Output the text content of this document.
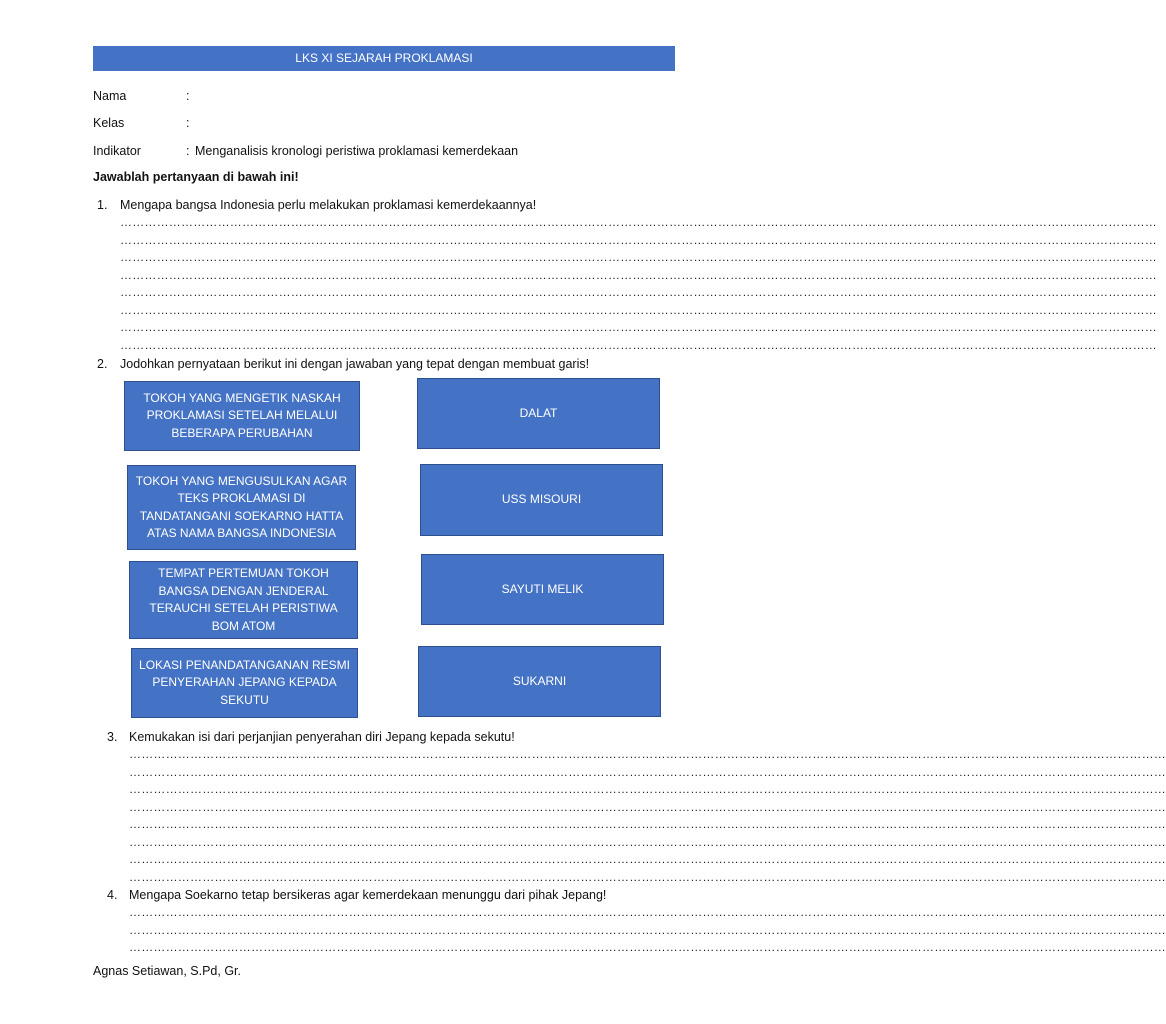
LKS XI SEJARAH PROKLAMASI
Nama	:
Kelas	:
Indikator	: Menganalisis kronologi peristiwa proklamasi kemerdekaan
Jawablah pertanyaan di bawah ini!
1. Mengapa bangsa Indonesia perlu melakukan proklamasi kemerdekaannya!
…………………………………………………………………………………………………………………………………………………………………………………………………………………………………
…………………………………………………………………………………………………………………………………………………………………………………………………………………………………
…………………………………………………………………………………………………………………………………………………………………………………………………………………………………
…………………………………………………………………………………………………………………………………………………………………………………………………………………………………
…………………………………………………………………………………………………………………………………………………………………………………………………………………………………
…………………………………………………………………………………………………………………………………………………………………………………………………………………………………
…………………………………………………………………………………………………………………………………………………………………………………………………………………………………
…………………………………………………………………………………………………………………………………………………………………………………………………………………………………
2. Jodohkan pernyataan berikut ini dengan jawaban yang tepat dengan membuat garis!
TOKOH YANG MENGETIK NASKAH PROKLAMASI SETELAH MELALUI BEBERAPA PERUBAHAN
TOKOH YANG MENGUSULKAN AGAR TEKS PROKLAMASI DI TANDATANGANI SOEKARNO HATTA ATAS NAMA BANGSA INDONESIA
TEMPAT PERTEMUAN TOKOH BANGSA DENGAN JENDERAL TERAUCHI SETELAH PERISTIWA BOM ATOM
LOKASI PENANDATANGANAN RESMI PENYERAHAN JEPANG KEPADA SEKUTU
DALAT
USS MISOURI
SAYUTI MELIK
SUKARNI
3. Kemukakan isi dari perjanjian penyerahan diri Jepang kepada sekutu!
…………………………………………………………………………………………………………………………………………………………………………………………………………………………………
…………………………………………………………………………………………………………………………………………………………………………………………………………………………………
…………………………………………………………………………………………………………………………………………………………………………………………………………………………………
…………………………………………………………………………………………………………………………………………………………………………………………………………………………………
…………………………………………………………………………………………………………………………………………………………………………………………………………………………………
…………………………………………………………………………………………………………………………………………………………………………………………………………………………………
…………………………………………………………………………………………………………………………………………………………………………………………………………………………………
…………………………………………………………………………………………………………………………………………………………………………………………………………………………………
4. Mengapa Soekarno tetap bersikeras agar kemerdekaan menunggu dari pihak Jepang!
…………………………………………………………………………………………………………………………………………………………………………………………………………………………………
…………………………………………………………………………………………………………………………………………………………………………………………………………………………………
…………………………………………………………………………………………………………………………………………………………………………………………………………………………………
Agnas Setiawan, S.Pd, Gr.
